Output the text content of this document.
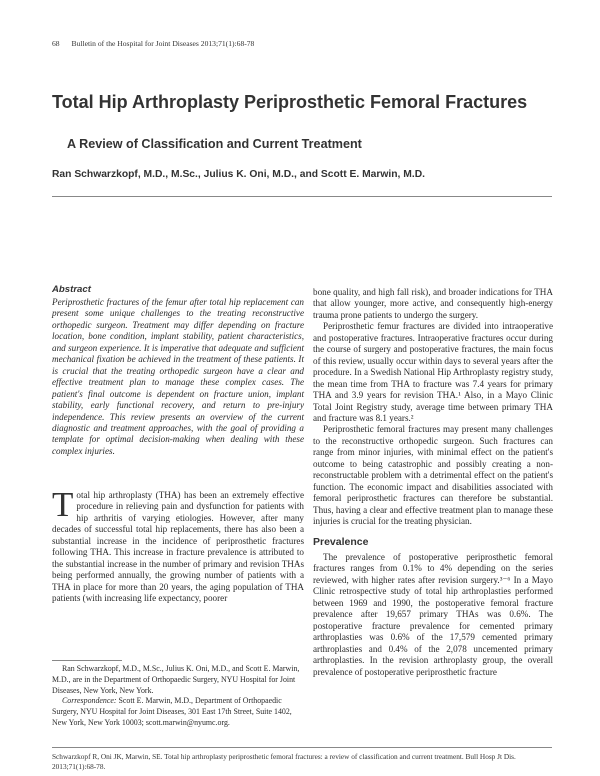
68 Bulletin of the Hospital for Joint Diseases 2013;71(1):68-78
Total Hip Arthroplasty Periprosthetic Femoral Fractures
A Review of Classification and Current Treatment
Ran Schwarzkopf, M.D., M.Sc., Julius K. Oni, M.D., and Scott E. Marwin, M.D.
Abstract

Periprosthetic fractures of the femur after total hip replacement can present some unique challenges to the treating reconstructive orthopedic surgeon. Treatment may differ depending on fracture location, bone condition, implant stability, patient characteristics, and surgeon experience. It is imperative that adequate and sufficient mechanical fixation be achieved in the treatment of these patients. It is crucial that the treating orthopedic surgeon have a clear and effective treatment plan to manage these complex cases. The patient's final outcome is dependent on fracture union, implant stability, early functional recovery, and return to pre-injury independence. This review presents an overview of the current diagnostic and treatment approaches, with the goal of providing a template for optimal decision-making when dealing with these complex injuries.

Total hip arthroplasty (THA) has been an extremely effective procedure in relieving pain and dysfunction for patients with hip arthritis of varying etiologies. However, after many decades of successful total hip replacements, there has also been a substantial increase in the incidence of periprosthetic fractures following THA. This increase in fracture prevalence is attributed to the substantial increase in the number of primary and revision THAs being performed annually, the growing number of patients with a THA in place for more than 20 years, the aging population of THA patients (with increasing life expectancy, poorer

bone quality, and high fall risk), and broader indications for THA that allow younger, more active, and consequently high-energy trauma prone patients to undergo the surgery.

Periprosthetic femur fractures are divided into intraoperative and postoperative fractures. Intraoperative fractures occur during the course of surgery and postoperative fractures, the main focus of this review, usually occur within days to several years after the procedure. In a Swedish National Hip Arthroplasty registry study, the mean time from THA to fracture was 7.4 years for primary THA and 3.9 years for revision THA.¹ Also, in a Mayo Clinic Total Joint Registry study, average time between primary THA and fracture was 8.1 years.²

Periprosthetic femoral fractures may present many challenges to the reconstructive orthopedic surgeon. Such fractures can range from minor injuries, with minimal effect on the patient's outcome to being catastrophic and possibly creating a non-reconstructable problem with a detrimental effect on the patient's function. The economic impact and disabilities associated with femoral periprosthetic fractures can therefore be substantial. Thus, having a clear and effective treatment plan to manage these injuries is crucial for the treating physician.

Prevalence

The prevalence of postoperative periprosthetic femoral fractures ranges from 0.1% to 4% depending on the series reviewed, with higher rates after revision surgery.³⁻⁶ In a Mayo Clinic retrospective study of total hip arthroplasties performed between 1969 and 1990, the postoperative femoral fracture prevalence after 19,657 primary THAs was 0.6%. The postoperative fracture prevalence for cemented primary arthroplasties was 0.6% of the 17,579 cemented primary arthroplasties and 0.4% of the 2,078 uncemented primary arthroplasties. In the revision arthroplasty group, the overall prevalence of postoperative periprosthetic fracture

Ran Schwarzkopf, M.D., M.Sc., Julius K. Oni, M.D., and Scott E. Marwin, M.D., are in the Department of Orthopaedic Surgery, NYU Hospital for Joint Diseases, New York, New York.

Correspondence: Scott E. Marwin, M.D., Department of Orthopaedic Surgery, NYU Hospital for Joint Diseases, 301 East 17th Street, Suite 1402, New York, New York 10003; scott.marwin@nyumc.org.

Schwarzkopf R, Oni JK, Marwin, SE. Total hip arthroplasty periprosthetic femoral fractures: a review of classification and current treatment. Bull Hosp Jt Dis. 2013;71(1):68-78.
